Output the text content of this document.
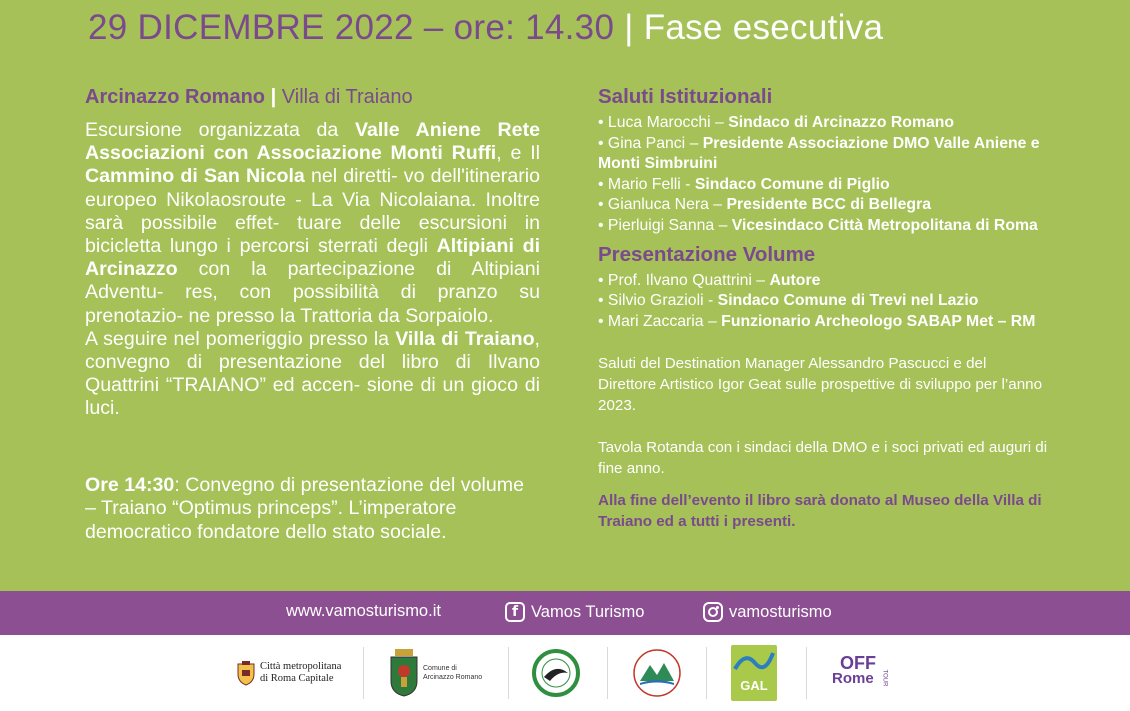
29 DICEMBRE 2022 – ore: 14.30 | Fase esecutiva
Arcinazzo Romano | Villa di Traiano

Escursione organizzata da Valle Aniene Rete Associazioni con Associazione Monti Ruffi, e Il Cammino di San Nicola nel diretti- vo dell'itinerario europeo Nikolaosroute - La Via Nicolaiana. Inoltre sarà possibile effet- tuare delle escursioni in bicicletta lungo i percorsi sterrati degli Altipiani di Arcinazzo con la partecipazione di Altipiani Adventu- res, con possibilità di pranzo su prenotazio- ne presso la Trattoria da Sorpaiolo.

A seguire nel pomeriggio presso la Villa di Traiano, convegno di presentazione del libro di Ilvano Quattrini “TRAIANO” ed accen- sione di un gioco di luci.

Ore 14:30: Convegno di presentazione del volume – Traiano “Optimus princeps”. L’imperatore democratico fondatore dello stato sociale.
Saluti Istituzionali
• Luca Marocchi – Sindaco di Arcinazzo Romano
• Gina Panci – Presidente Associazione DMO Valle Aniene e Monti Simbruini
• Mario Felli - Sindaco Comune di Piglio
• Gianluca Nera – Presidente BCC di Bellegra
• Pierluigi Sanna – Vicesindaco Città Metropolitana di Roma
Presentazione Volume
• Prof. Ilvano Quattrini – Autore
• Silvio Grazioli - Sindaco Comune di Trevi nel Lazio
• Mari Zaccaria – Funzionario Archeologo SABAP Met – RM
Saluti del Destination Manager Alessandro Pascucci e del Direttore Artistico Igor Geat sulle prospettive di sviluppo per l’anno 2023.
Tavola Rotanda con i sindaci della DMO e i soci privati ed auguri di fine anno.
Alla fine dell’evento il libro sarà donato al Museo della Villa di Traiano ed a tutti i presenti.
www.vamosturismo.it	f Vamos Turismo	vamosturismo
Città metropolitana
di Roma Capitale
Comune di
Arcinazzo Romano
GAL
OFF
Rome TOUR
